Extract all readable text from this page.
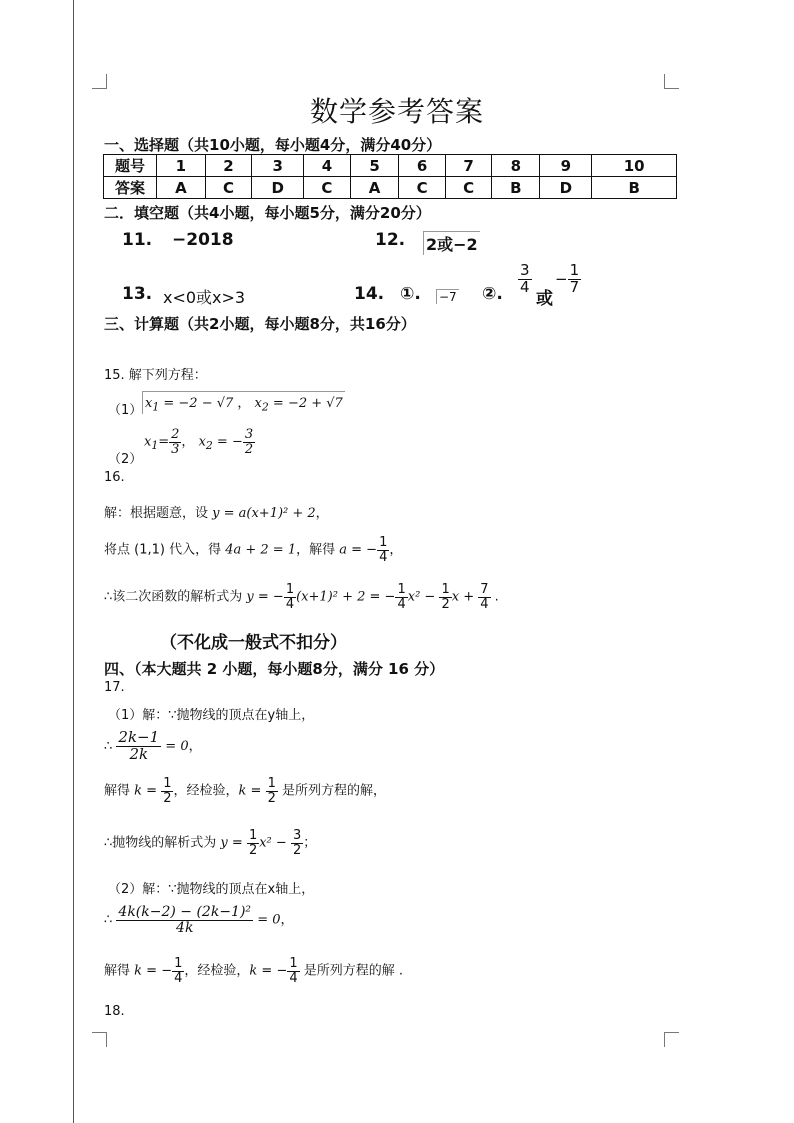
数学参考答案
一、选择题（共10小题，每小题4分，满分40分）
题号	1	2	3	4	5	6	7	8	9	10
答案	A	C	D	C	A	C	C	B	D	B
二．填空题（共4小题，每小题5分，满分20分）
11. −2018	12. 2或−2
13. x<0或x>3	14. ①. −7 ②. $\frac{3}{4}$
或
− $\frac{1}{7}$
三、计算题（共2小题，每小题8分，共16分）
15. 解下列方程：
（1） $x_1 = -2 - √7$ ， $x_2 = -2 + √7$
（2）
$x_1= \frac{2}{3}$ ， $x_2$ = − $\frac{3}{2}$
16.
解：根据题意，设 y = a(x+1)² + 2，
将点 (1,1) 代入，得 4a + 2 = 1，解得 a = − $\frac{1}{4}$ ，
∴该二次函数的解析式为 y = − $\frac{1}{4} (x+1)^2 + 2$ = − $\frac{1}{4} x^2 - \frac{1}{2}$ $x + \frac{7}{4}$ .
（不化成一般式不扣分）
四、（本大题共 2 小题，每小题8分，满分 16 分）
17.
（1）解：∵抛物线的顶点在y轴上，
∴ $\frac{2k-1}{2k} = 0$，
解得 $k = \frac{1}{2}$ ，经检验，$k = \frac{1}{2}$ 是所列方程的解，
∴抛物线的解析式为 $y = \frac{1}{2} x^2 - \frac{3}{2}$ ；
（2）解：∵抛物线的顶点在x轴上，
∴ $\frac{\text{4k(k−2) − (2k−1)²}}{4k} = 0$，
解得 k = − $\frac{1}{4}$ ，经检验，k = − $\frac{1}{4}$ 是所列方程的解 .
18.
